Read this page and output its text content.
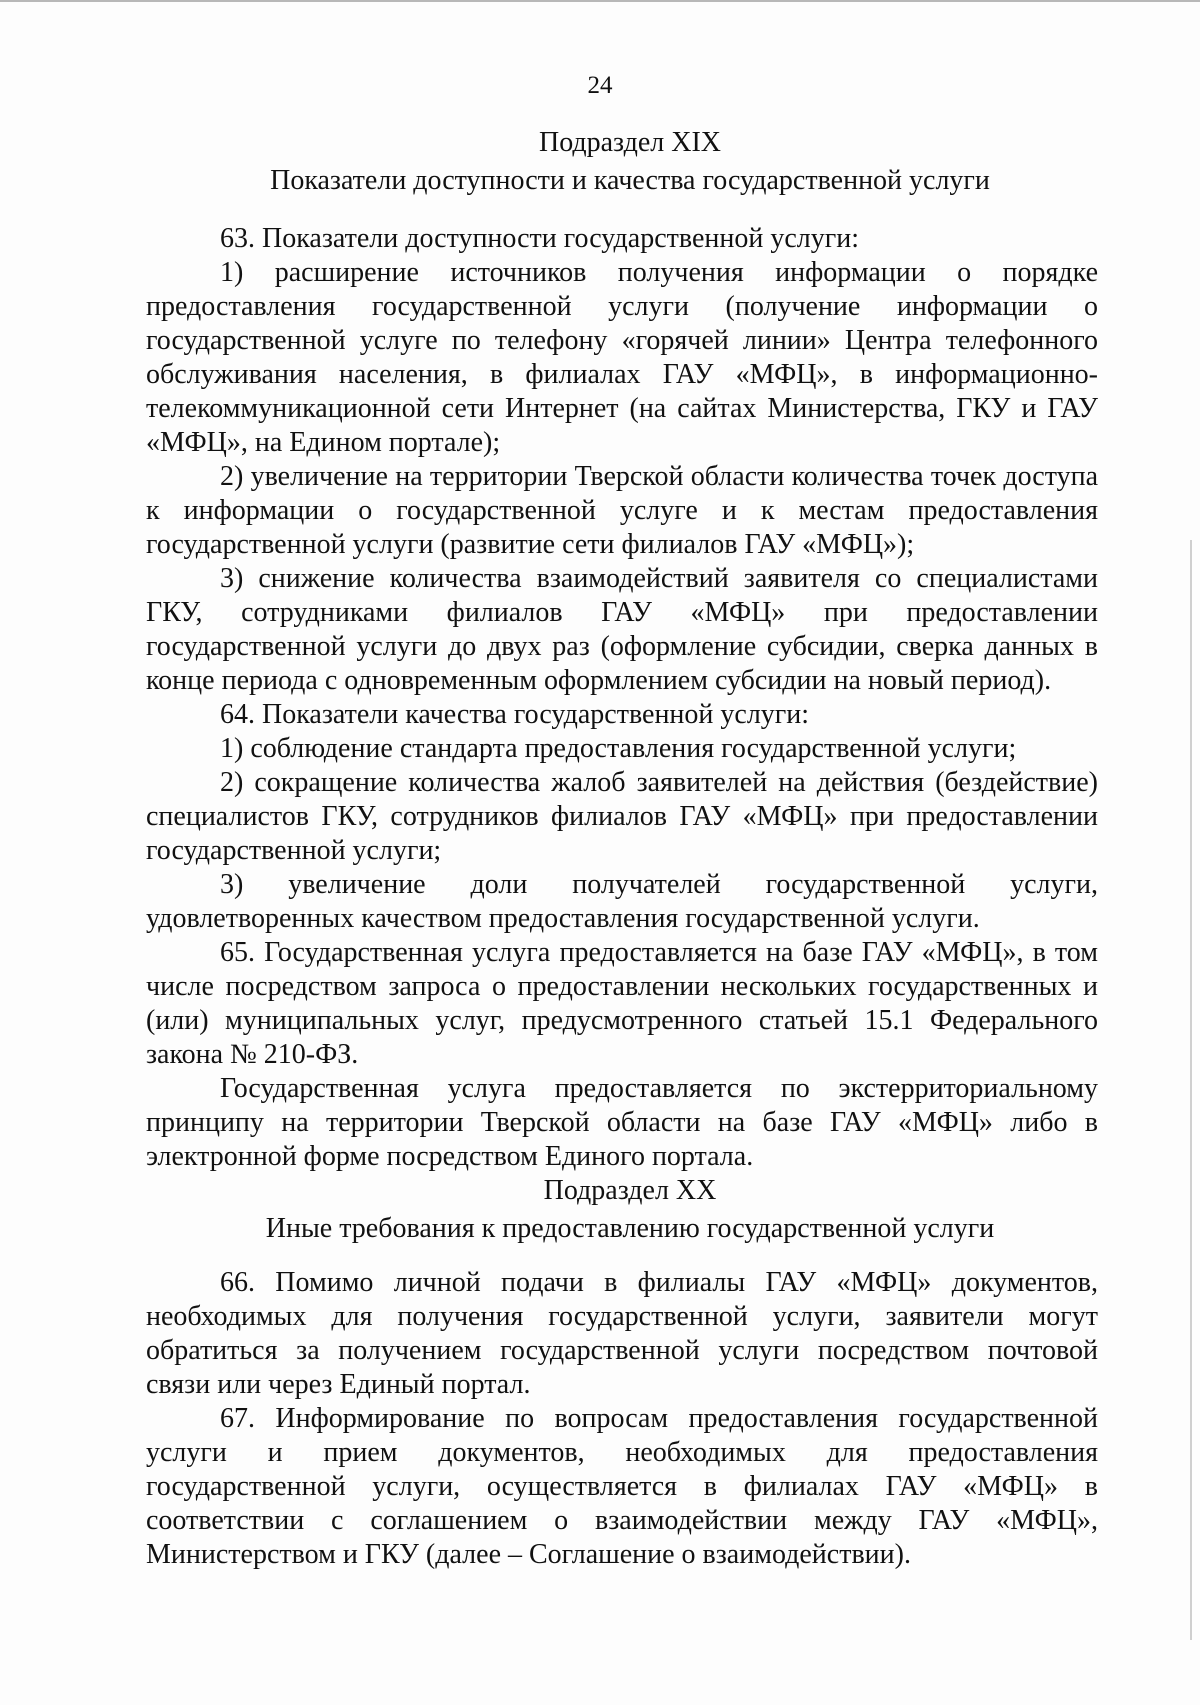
24
Подраздел XIX
Показатели доступности и качества государственной услуги

63. Показатели доступности государственной услуги:

1) расширение источников получения информации о порядке предоставления государственной услуги (получение информации о государственной услуге по телефону «горячей линии» Центра телефонного обслуживания населения, в филиалах ГАУ «МФЦ», в информационно-телекоммуникационной сети Интернет (на сайтах Министерства, ГКУ и ГАУ «МФЦ», на Едином портале);

2) увеличение на территории Тверской области количества точек доступа к информации о государственной услуге и к местам предоставления государственной услуги (развитие сети филиалов ГАУ «МФЦ»);

3) снижение количества взаимодействий заявителя со специалистами ГКУ, сотрудниками филиалов ГАУ «МФЦ» при предоставлении государственной услуги до двух раз (оформление субсидии, сверка данных в конце периода с одновременным оформлением субсидии на новый период).

64. Показатели качества государственной услуги:

1) соблюдение стандарта предоставления государственной услуги;

2) сокращение количества жалоб заявителей на действия (бездействие) специалистов ГКУ, сотрудников филиалов ГАУ «МФЦ» при предоставлении государственной услуги;

3) увеличение доли получателей государственной услуги, удовлетворенных качеством предоставления государственной услуги.

65. Государственная услуга предоставляется на базе ГАУ «МФЦ», в том числе посредством запроса о предоставлении нескольких государственных и (или) муниципальных услуг, предусмотренного статьей 15.1 Федерального закона № 210-ФЗ.

Государственная услуга предоставляется по экстерриториальному принципу на территории Тверской области на базе ГАУ «МФЦ» либо в электронной форме посредством Единого портала.

Подраздел XX
Иные требования к предоставлению государственной услуги

66. Помимо личной подачи в филиалы ГАУ «МФЦ» документов, необходимых для получения государственной услуги, заявители могут обратиться за получением государственной услуги посредством почтовой связи или через Единый портал.

67. Информирование по вопросам предоставления государственной услуги и прием документов, необходимых для предоставления государственной услуги, осуществляется в филиалах ГАУ «МФЦ» в соответствии с соглашением о взаимодействии между ГАУ «МФЦ», Министерством и ГКУ (далее – Соглашение о взаимодействии).
